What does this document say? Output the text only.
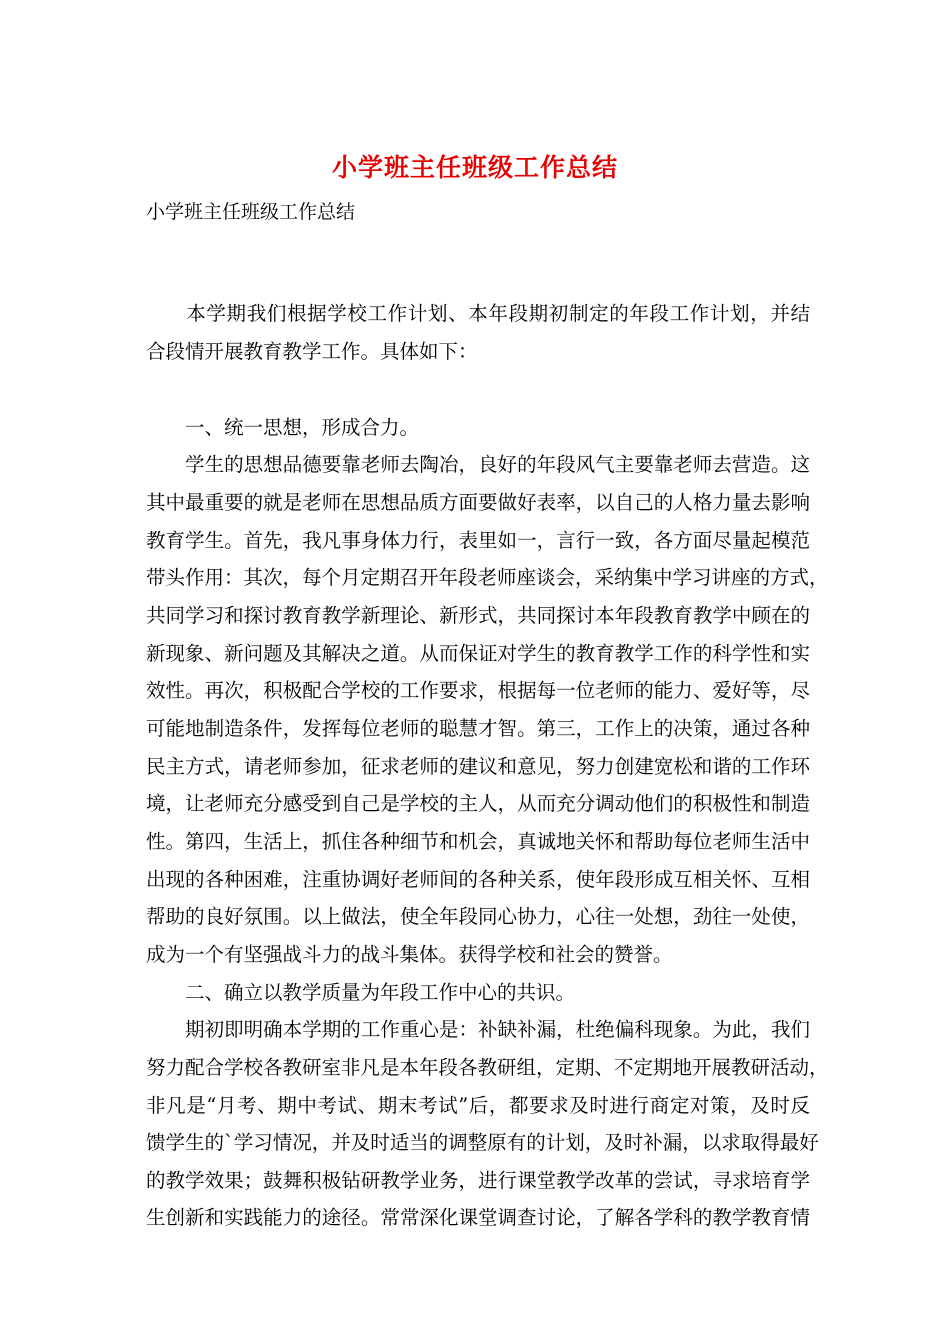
小学班主任班级工作总结
小学班主任班级工作总结
　　本学期我们根据学校工作计划、本年段期初制定的年段工作计划，并结
合段情开展教育教学工作。具体如下：
　　一、统一思想，形成合力。
　　学生的思想品德要靠老师去陶冶，良好的年段风气主要靠老师去营造。这
其中最重要的就是老师在思想品质方面要做好表率，以自己的人格力量去影响
教育学生。首先，我凡事身体力行，表里如一，言行一致，各方面尽量起模范
带头作用：其次，每个月定期召开年段老师座谈会，采纳集中学习讲座的方式，
共同学习和探讨教育教学新理论、新形式，共同探讨本年段教育教学中顾在的
新现象、新问题及其解决之道。从而保证对学生的教育教学工作的科学性和实
效性。再次，积极配合学校的工作要求，根据每一位老师的能力、爱好等，尽
可能地制造条件，发挥每位老师的聪慧才智。第三，工作上的决策，通过各种
民主方式，请老师参加，征求老师的建议和意见，努力创建宽松和谐的工作环
境，让老师充分感受到自己是学校的主人，从而充分调动他们的积极性和制造
性。第四，生活上，抓住各种细节和机会，真诚地关怀和帮助每位老师生活中
出现的各种困难，注重协调好老师间的各种关系，使年段形成互相关怀、互相
帮助的良好氛围。以上做法，使全年段同心协力，心往一处想，劲往一处使，
成为一个有坚强战斗力的战斗集体。获得学校和社会的赞誉。
　　二、确立以教学质量为年段工作中心的共识。
　　期初即明确本学期的工作重心是：补缺补漏，杜绝偏科现象。为此，我们
努力配合学校各教研室非凡是本年段各教研组，定期、不定期地开展教研活动，
非凡是“月考、期中考试、期末考试”后，都要求及时进行商定对策，及时反
馈学生的`学习情况，并及时适当的调整原有的计划，及时补漏，以求取得最好
的教学效果；鼓舞积极钻研教学业务，进行课堂教学改革的尝试，寻求培育学
生创新和实践能力的途径。常常深化课堂调查讨论，了解各学科的教学教育情
